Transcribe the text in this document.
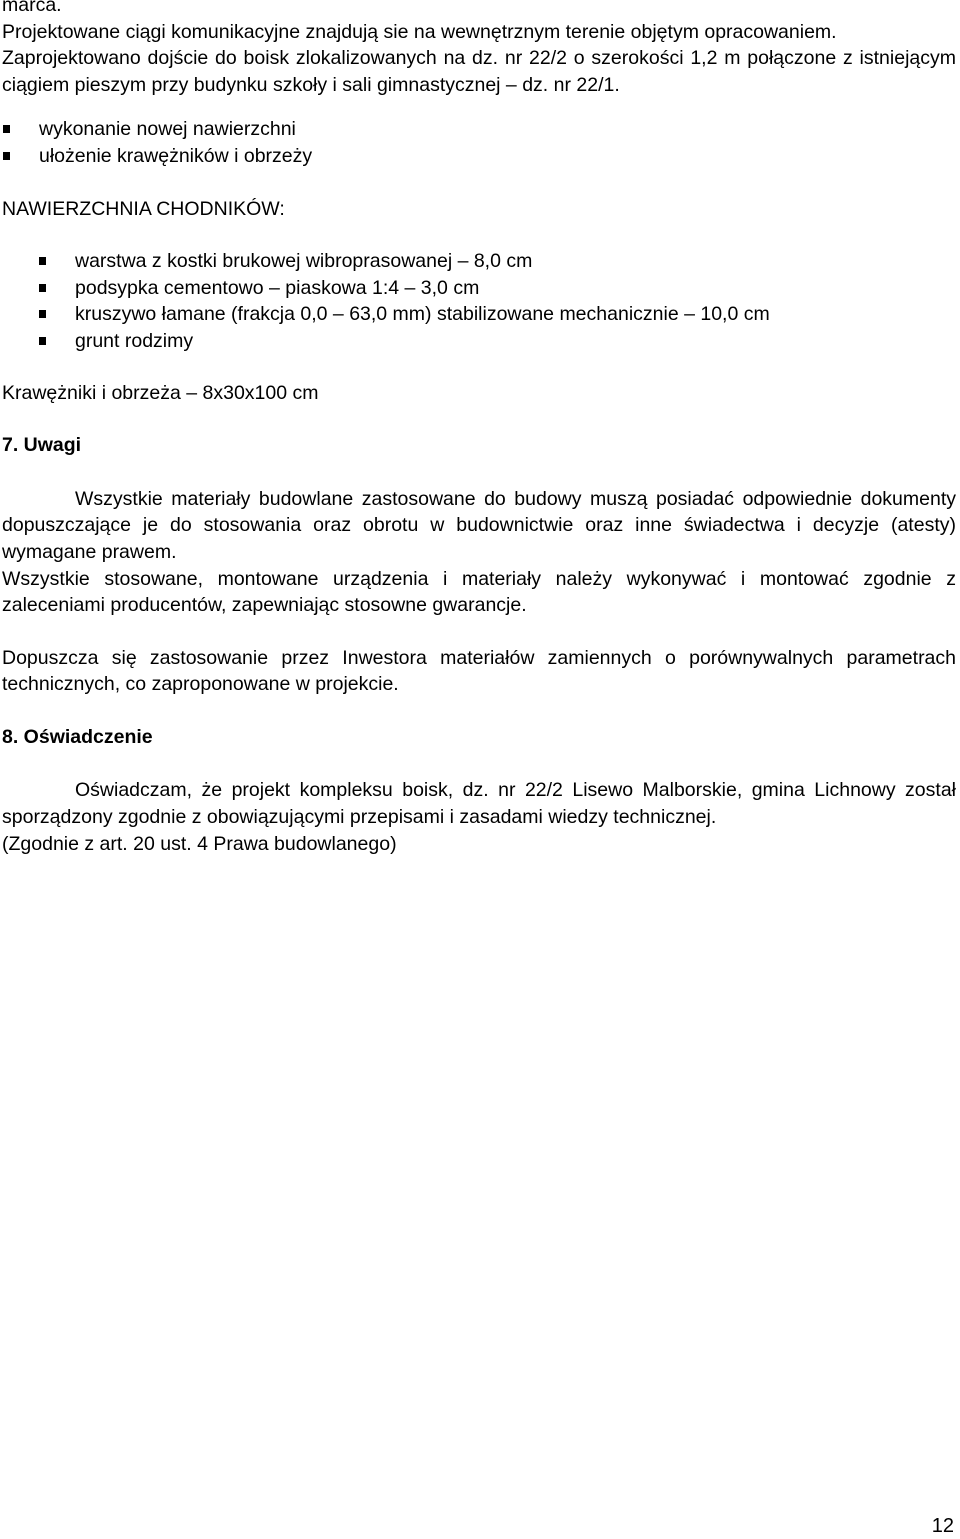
marca.

Projektowane ciągi komunikacyjne znajdują sie na wewnętrznym terenie objętym opracowaniem.

Zaprojektowano dojście do boisk zlokalizowanych na dz. nr 22/2 o szerokości 1,2 m połączone z istniejącym ciągiem pieszym przy budynku szkoły i sali gimnastycznej – dz. nr 22/1.

wykonanie nowej nawierzchni
ułożenie krawężników i obrzeży

NAWIERZCHNIA CHODNIKÓW:

warstwa z kostki brukowej wibroprasowanej – 8,0 cm
podsypka cementowo – piaskowa 1:4 – 3,0 cm
kruszywo łamane (frakcja 0,0 – 63,0 mm) stabilizowane mechanicznie – 10,0 cm
grunt rodzimy

Krawężniki i obrzeża – 8x30x100 cm

7. Uwagi

Wszystkie materiały budowlane zastosowane do budowy muszą posiadać odpowiednie dokumenty dopuszczające je do stosowania oraz obrotu w budownictwie oraz inne świadectwa i decyzje (atesty) wymagane prawem.

Wszystkie stosowane, montowane urządzenia i materiały należy wykonywać i montować zgodnie z zaleceniami producentów, zapewniając stosowne gwarancje.

Dopuszcza się zastosowanie przez Inwestora materiałów zamiennych o porównywalnych parametrach technicznych, co zaproponowane w projekcie.

8. Oświadczenie

Oświadczam, że projekt kompleksu boisk, dz. nr 22/2 Lisewo Malborskie, gmina Lichnowy został sporządzony zgodnie z obowiązującymi przepisami i zasadami wiedzy technicznej.

(Zgodnie z art. 20 ust. 4 Prawa budowlanego)

12
